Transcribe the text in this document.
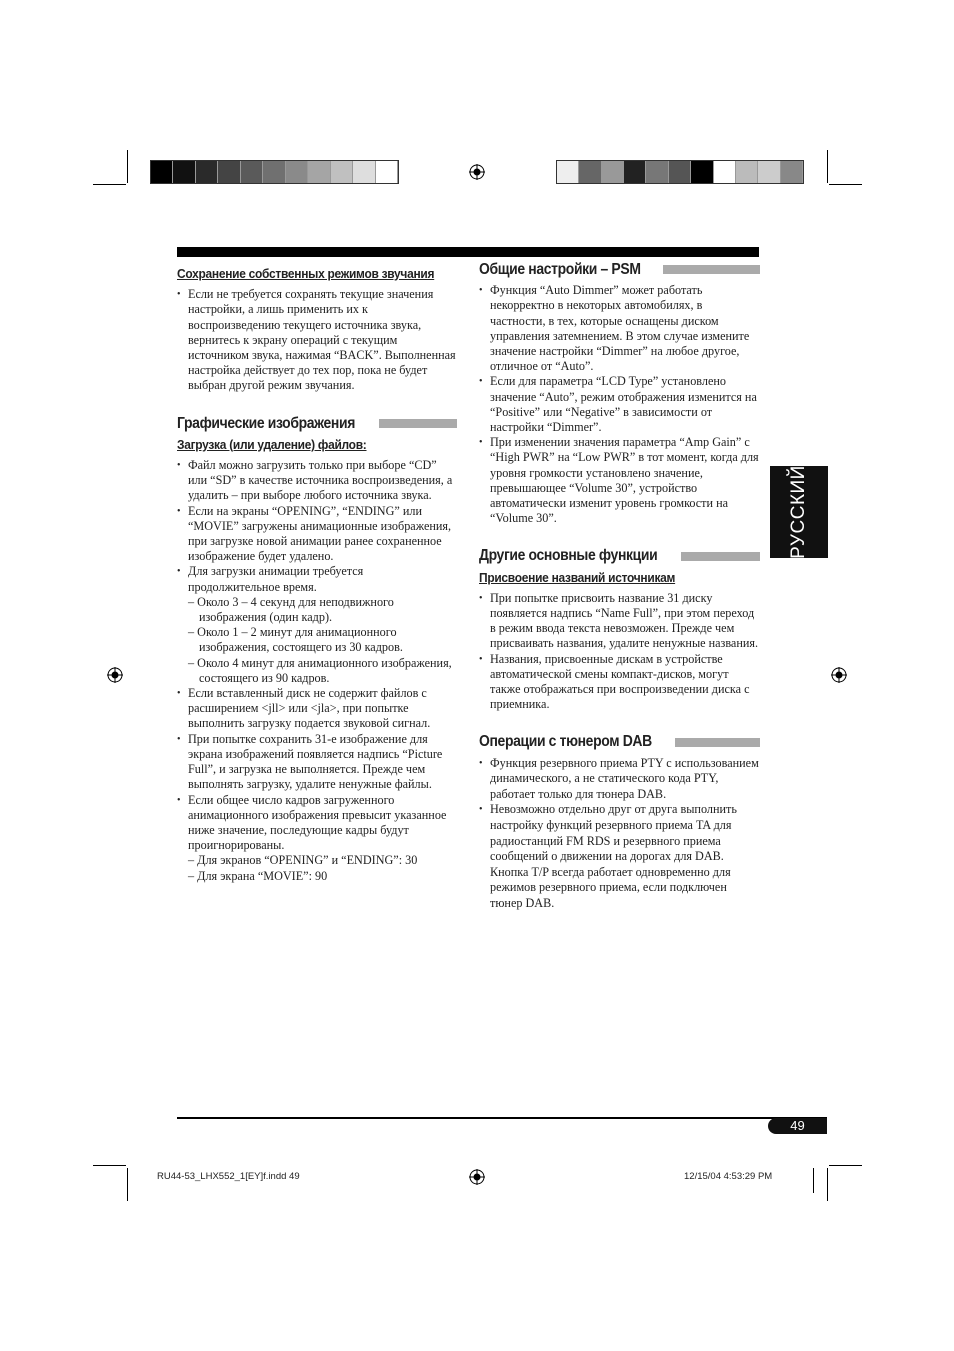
РУССКИЙ
Сохранение собственных режимов звучания
• Если не требуется сохранять текущие значения настройки, а лишь применить их к воспроизведению текущего источника звука, вернитесь к экрану операций с текущим источником звука, нажимая “BACK”. Выполненная настройка действует до тех пор, пока не будет выбран другой режим звучания.
Графические изображения
Загрузка (или удаление) файлов:
• Файл можно загрузить только при выборе “CD” или “SD” в качестве источника воспроизведения, а удалить – при выборе любого источника звука.
• Если на экраны “OPENING”, “ENDING” или “MOVIE” загружены анимационные изображения, при загрузке новой анимации ранее сохраненное изображение будет удалено.
• Для загрузки анимации требуется продолжительное время.
– Около 3 – 4 секунд для неподвижного изображения (один кадр).
– Около 1 – 2 минут для анимационного изображения, состоящего из 30 кадров.
– Около 4 минут для анимационного изображения, состоящего из 90 кадров.
• Если вставленный диск не содержит файлов с расширением <jll> или <jla>, при попытке выполнить загрузку подается звуковой сигнал.
• При попытке сохранить 31-е изображение для экрана изображений появляется надпись “Picture Full”, и загрузка не выполняется. Прежде чем выполнять загрузку, удалите ненужные файлы.
• Если общее число кадров загруженного анимационного изображения превысит указанное ниже значение, последующие кадры будут проигнорированы.
– Для экранов “OPENING” и “ENDING”: 30
– Для экрана “MOVIE”: 90
Общие настройки – PSM
• Функция “Auto Dimmer” может работать некорректно в некоторых автомобилях, в частности, в тех, которые оснащены диском управления затемнением. В этом случае измените значение настройки “Dimmer” на любое другое, отличное от “Auto”.
• Если для параметра “LCD Type” установлено значение “Auto”, режим отображения изменится на “Positive” или “Negative” в зависимости от настройки “Dimmer”.
• При изменении значения параметра “Amp Gain” с “High PWR” на “Low PWR” в тот момент, когда для уровня громкости установлено значение, превышающее “Volume 30”, устройство автоматически изменит уровень громкости на “Volume 30”.
Другие основные функции
Присвоение названий источникам
• При попытке присвоить название 31 диску появляется надпись “Name Full”, при этом переход в режим ввода текста невозможен. Прежде чем присваивать названия, удалите ненужные названия.
• Названия, присвоенные дискам в устройстве автоматической смены компакт-дисков, могут также отображаться при воспроизведении диска с приемника.
Операции с тюнером DAB
• Функция резервного приема PTY с использованием динамического, а не статического кода PTY, работает только для тюнера DAB.
• Невозможно отдельно друг от друга выполнить настройку функций резервного приема TA для радиостанций FM RDS и резервного приема сообщений о движении на дорогах для DAB. Кнопка T/P всегда работает одновременно для режимов резервного приема, если подключен тюнер DAB.
49
RU44-53_LHX552_1[EY]f.indd 49	12/15/04 4:53:29 PM
